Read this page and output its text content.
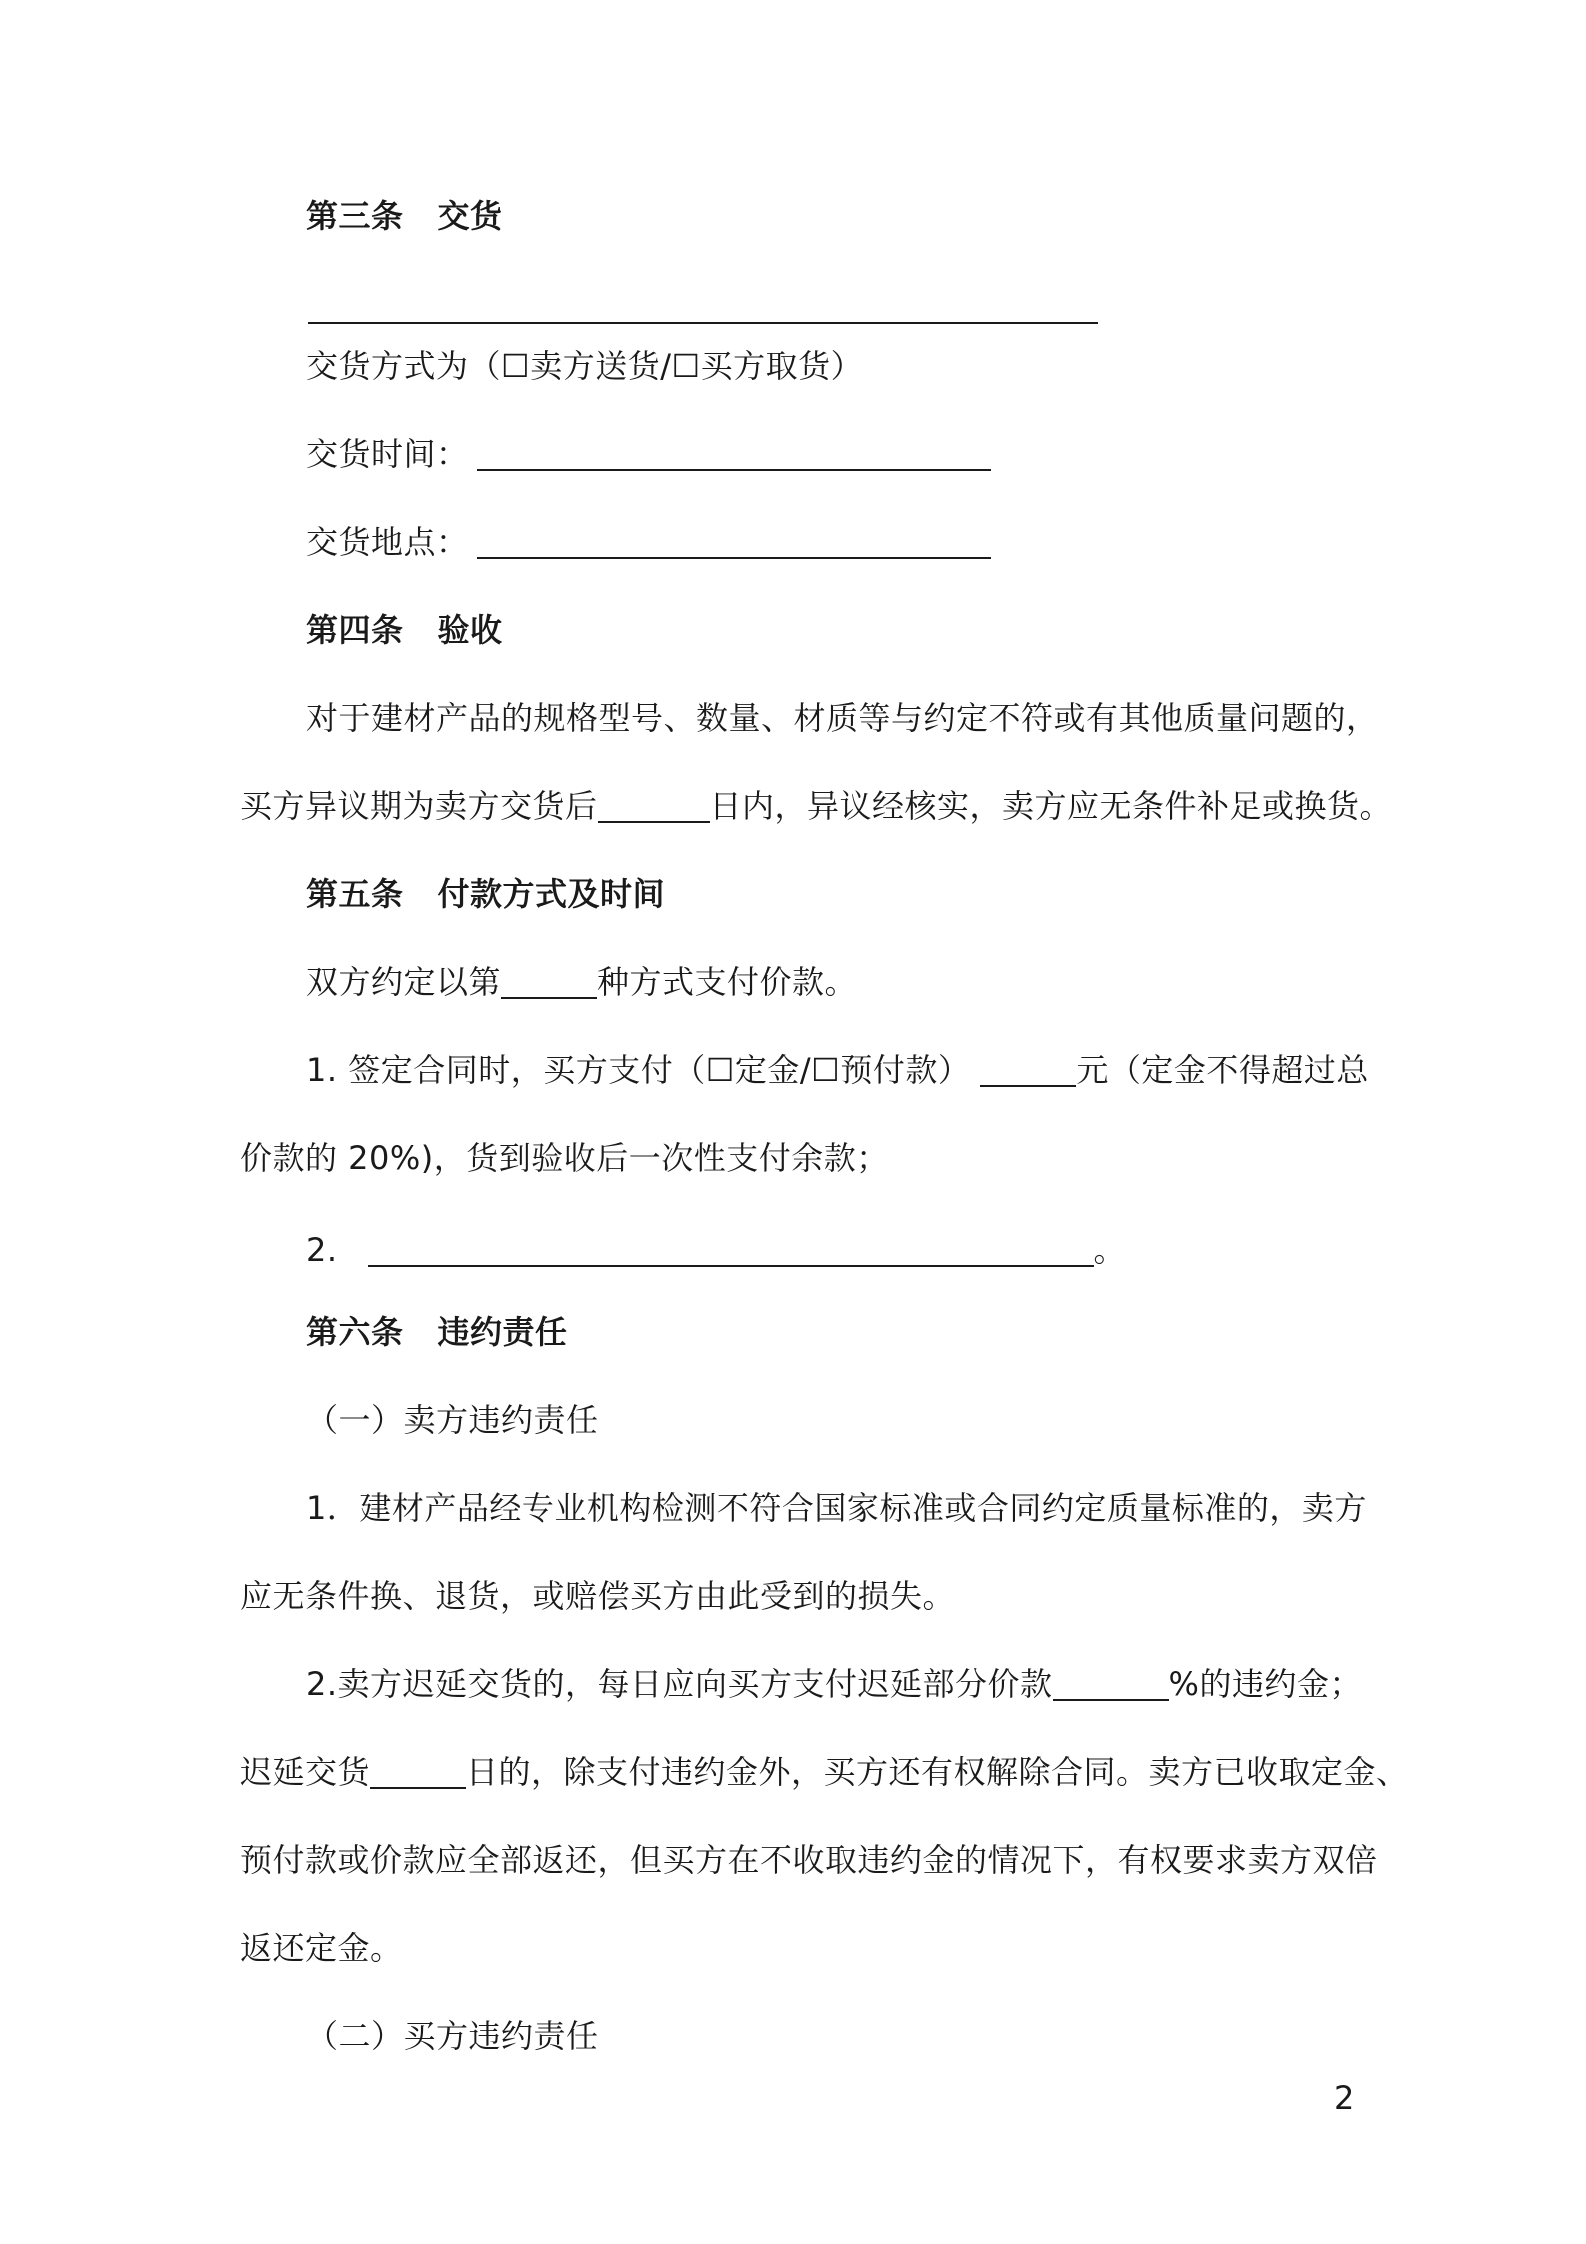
第三条 交货
交货方式为（☐卖方送货/☐买方取货）
交货时间：
交货地点：
第四条 验收
对于建材产品的规格型号、数量、材质等与约定不符或有其他质量问题的，
买方异议期为卖方交货后	日内，异议经核实，卖方应无条件补足或换货。
第五条 付款方式及时间
双方约定以第	种方式支付价款。
1. 签定合同时，买方支付（☐定金/☐预付款）	元（定金不得超过总
价款的 20%)，货到验收后一次性支付余款；
2.	。
第六条 违约责任
（一）卖方违约责任
1．建材产品经专业机构检测不符合国家标准或合同约定质量标准的，卖方
应无条件换、退货，或赔偿买方由此受到的损失。
2.卖方迟延交货的，每日应向买方支付迟延部分价款	%的违约金；
迟延交货	日的，除支付违约金外，买方还有权解除合同。卖方已收取定金、
预付款或价款应全部返还，但买方在不收取违约金的情况下，有权要求卖方双倍
返还定金。
（二）买方违约责任
2
